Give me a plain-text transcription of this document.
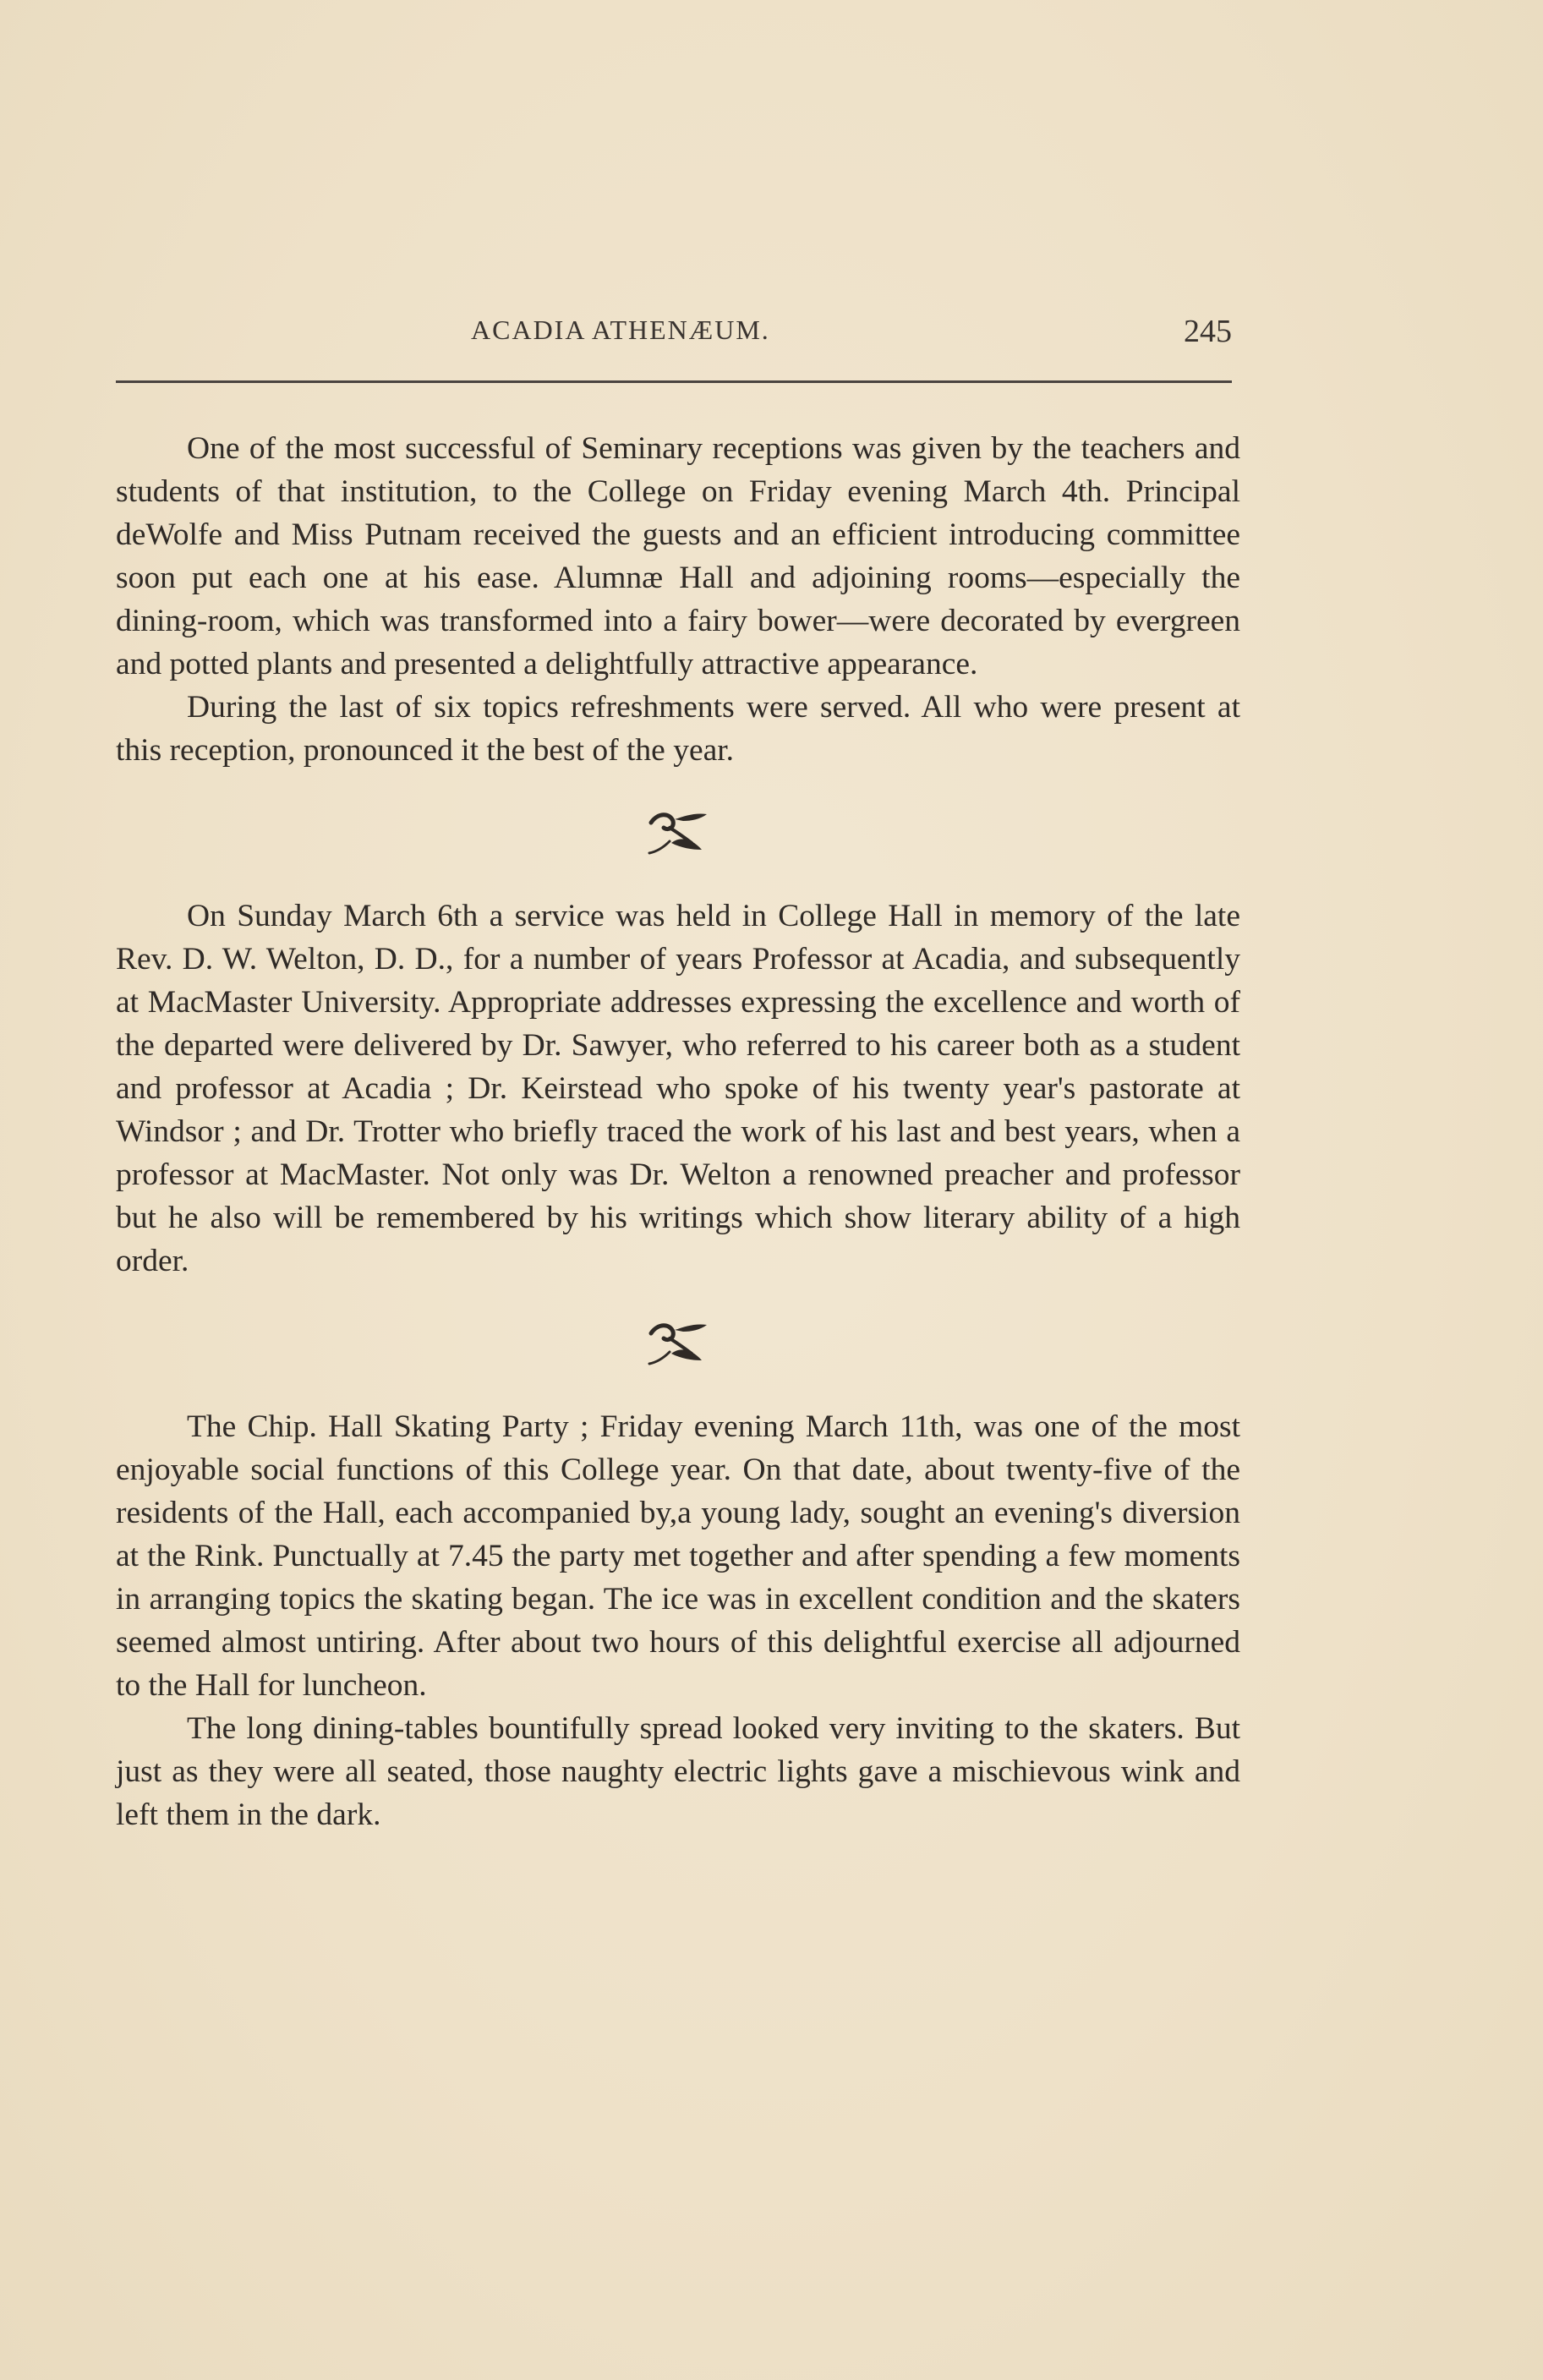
ACADIA ATHENÆUM.	245

One of the most successful of Seminary receptions was given by the teachers and students of that institution, to the College on Friday evening March 4th. Principal deWolfe and Miss Putnam received the guests and an efficient introducing committee soon put each one at his ease. Alumnæ Hall and adjoining rooms—especially the dining-room, which was transformed into a fairy bower—were decorated by evergreen and potted plants and presented a delightfully attractive appearance.

During the last of six topics refreshments were served. All who were present at this reception, pronounced it the best of the year.

On Sunday March 6th a service was held in College Hall in memory of the late Rev. D. W. Welton, D. D., for a number of years Professor at Acadia, and subsequently at MacMaster University. Appropriate addresses expressing the excellence and worth of the departed were delivered by Dr. Sawyer, who referred to his career both as a student and professor at Acadia ; Dr. Keirstead who spoke of his twenty year's pastorate at Windsor ; and Dr. Trotter who briefly traced the work of his last and best years, when a professor at MacMaster. Not only was Dr. Welton a renowned preacher and professor but he also will be remembered by his writings which show literary ability of a high order.

The Chip. Hall Skating Party ; Friday evening March 11th, was one of the most enjoyable social functions of this College year. On that date, about twenty-five of the residents of the Hall, each accompanied by,a young lady, sought an evening's diversion at the Rink. Punctually at 7.45 the party met together and after spending a few moments in arranging topics the skating began. The ice was in excellent condition and the skaters seemed almost untiring. After about two hours of this delightful exercise all adjourned to the Hall for luncheon.

The long dining-tables bountifully spread looked very inviting to the skaters. But just as they were all seated, those naughty electric lights gave a mischievous wink and left them in the dark.
